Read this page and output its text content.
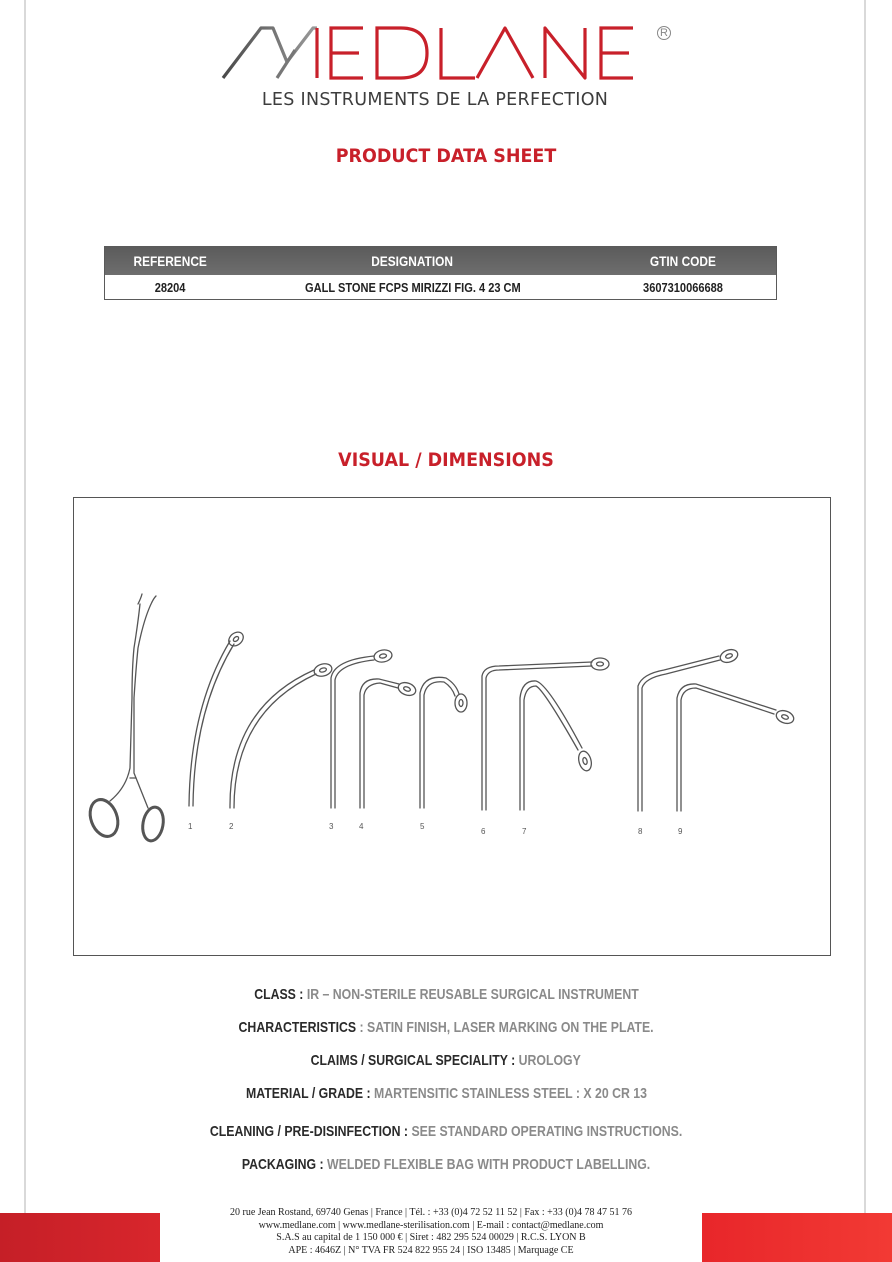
R
LES INSTRUMENTS DE LA PERFECTION
PRODUCT DATA SHEET
REFERENCE	DESIGNATION	GTIN CODE
28204	GALL STONE FCPS MIRIZZI FIG. 4 23 CM	3607310066688
VISUAL / DIMENSIONS
1	2	3	4	5
6	7	8	9
CLASS : IR – NON-STERILE REUSABLE SURGICAL INSTRUMENT
CHARACTERISTICS : SATIN FINISH, LASER MARKING ON THE PLATE.
CLAIMS / SURGICAL SPECIALITY : UROLOGY
MATERIAL / GRADE : MARTENSITIC STAINLESS STEEL : X 20 CR 13
CLEANING / PRE-DISINFECTION : SEE STANDARD OPERATING INSTRUCTIONS.
PACKAGING : WELDED FLEXIBLE BAG WITH PRODUCT LABELLING.
20 rue Jean Rostand, 69740 Genas | France | Tél. : +33 (0)4 72 52 11 52 | Fax : +33 (0)4 78 47 51 76
www.medlane.com | www.medlane-sterilisation.com | E-mail : contact@medlane.com
S.A.S au capital de 1 150 000 € | Siret : 482 295 524 00029 | R.C.S. LYON B
APE : 4646Z | N° TVA FR 524 822 955 24 | ISO 13485 | Marquage CE
